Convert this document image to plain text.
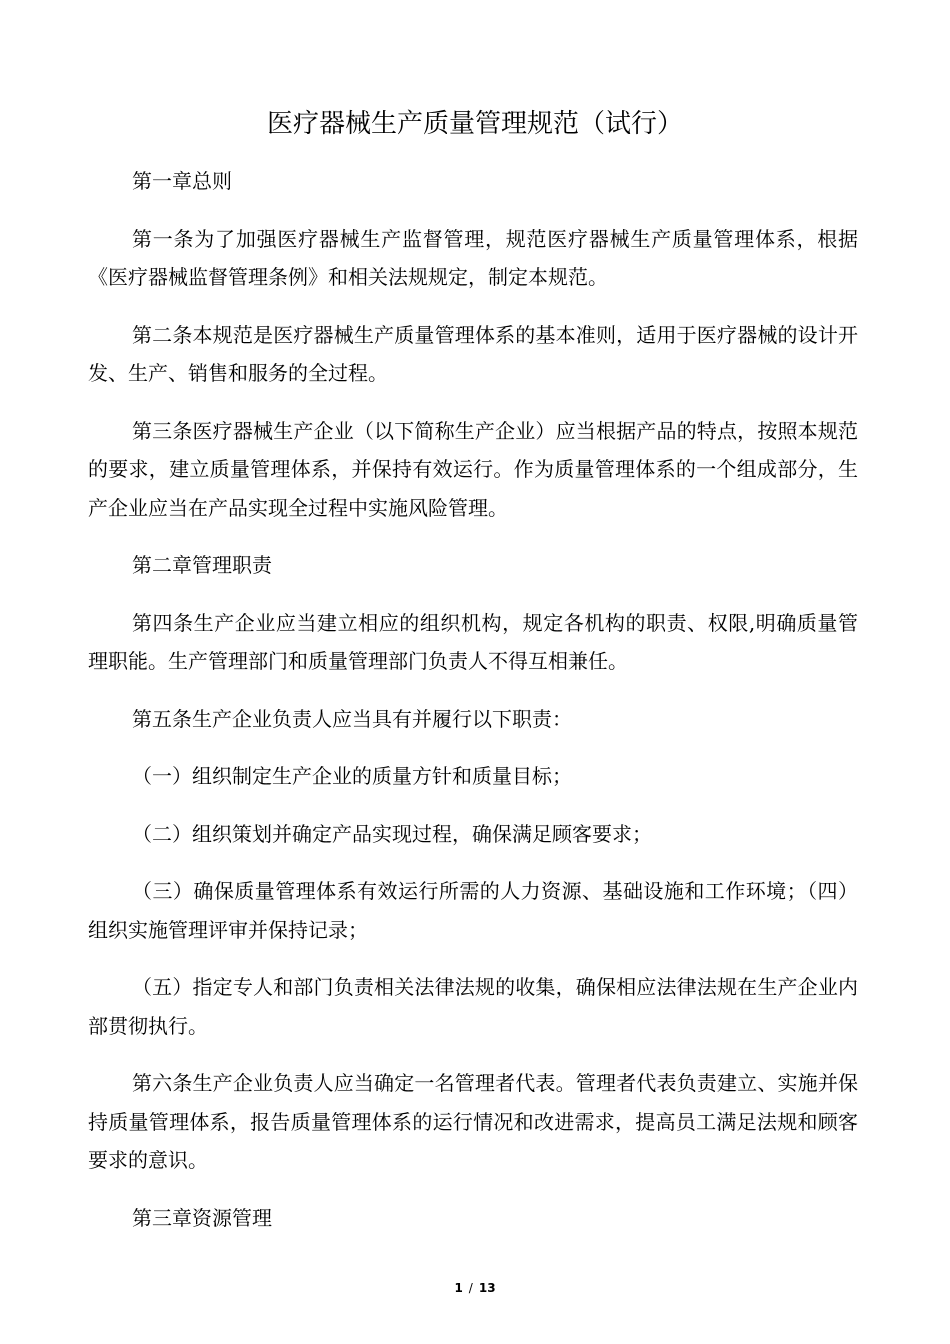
医疗器械生产质量管理规范（试行）

第一章总则

第一条为了加强医疗器械生产监督管理，规范医疗器械生产质量管理体系，根据《医疗器械监督管理条例》和相关法规规定，制定本规范。

第二条本规范是医疗器械生产质量管理体系的基本准则，适用于医疗器械的设计开发、生产、销售和服务的全过程。

第三条医疗器械生产企业（以下简称生产企业）应当根据产品的特点，按照本规范的要求，建立质量管理体系，并保持有效运行。作为质量管理体系的一个组成部分，生产企业应当在产品实现全过程中实施风险管理。

第二章管理职责

第四条生产企业应当建立相应的组织机构，规定各机构的职责、权限,明确质量管理职能。生产管理部门和质量管理部门负责人不得互相兼任。

第五条生产企业负责人应当具有并履行以下职责：

（一）组织制定生产企业的质量方针和质量目标；

（二）组织策划并确定产品实现过程，确保满足顾客要求；

（三）确保质量管理体系有效运行所需的人力资源、基础设施和工作环境；（四）组织实施管理评审并保持记录；

（五）指定专人和部门负责相关法律法规的收集，确保相应法律法规在生产企业内部贯彻执行。

第六条生产企业负责人应当确定一名管理者代表。管理者代表负责建立、实施并保持质量管理体系，报告质量管理体系的运行情况和改进需求，提高员工满足法规和顾客要求的意识。

第三章资源管理

1 / 13
